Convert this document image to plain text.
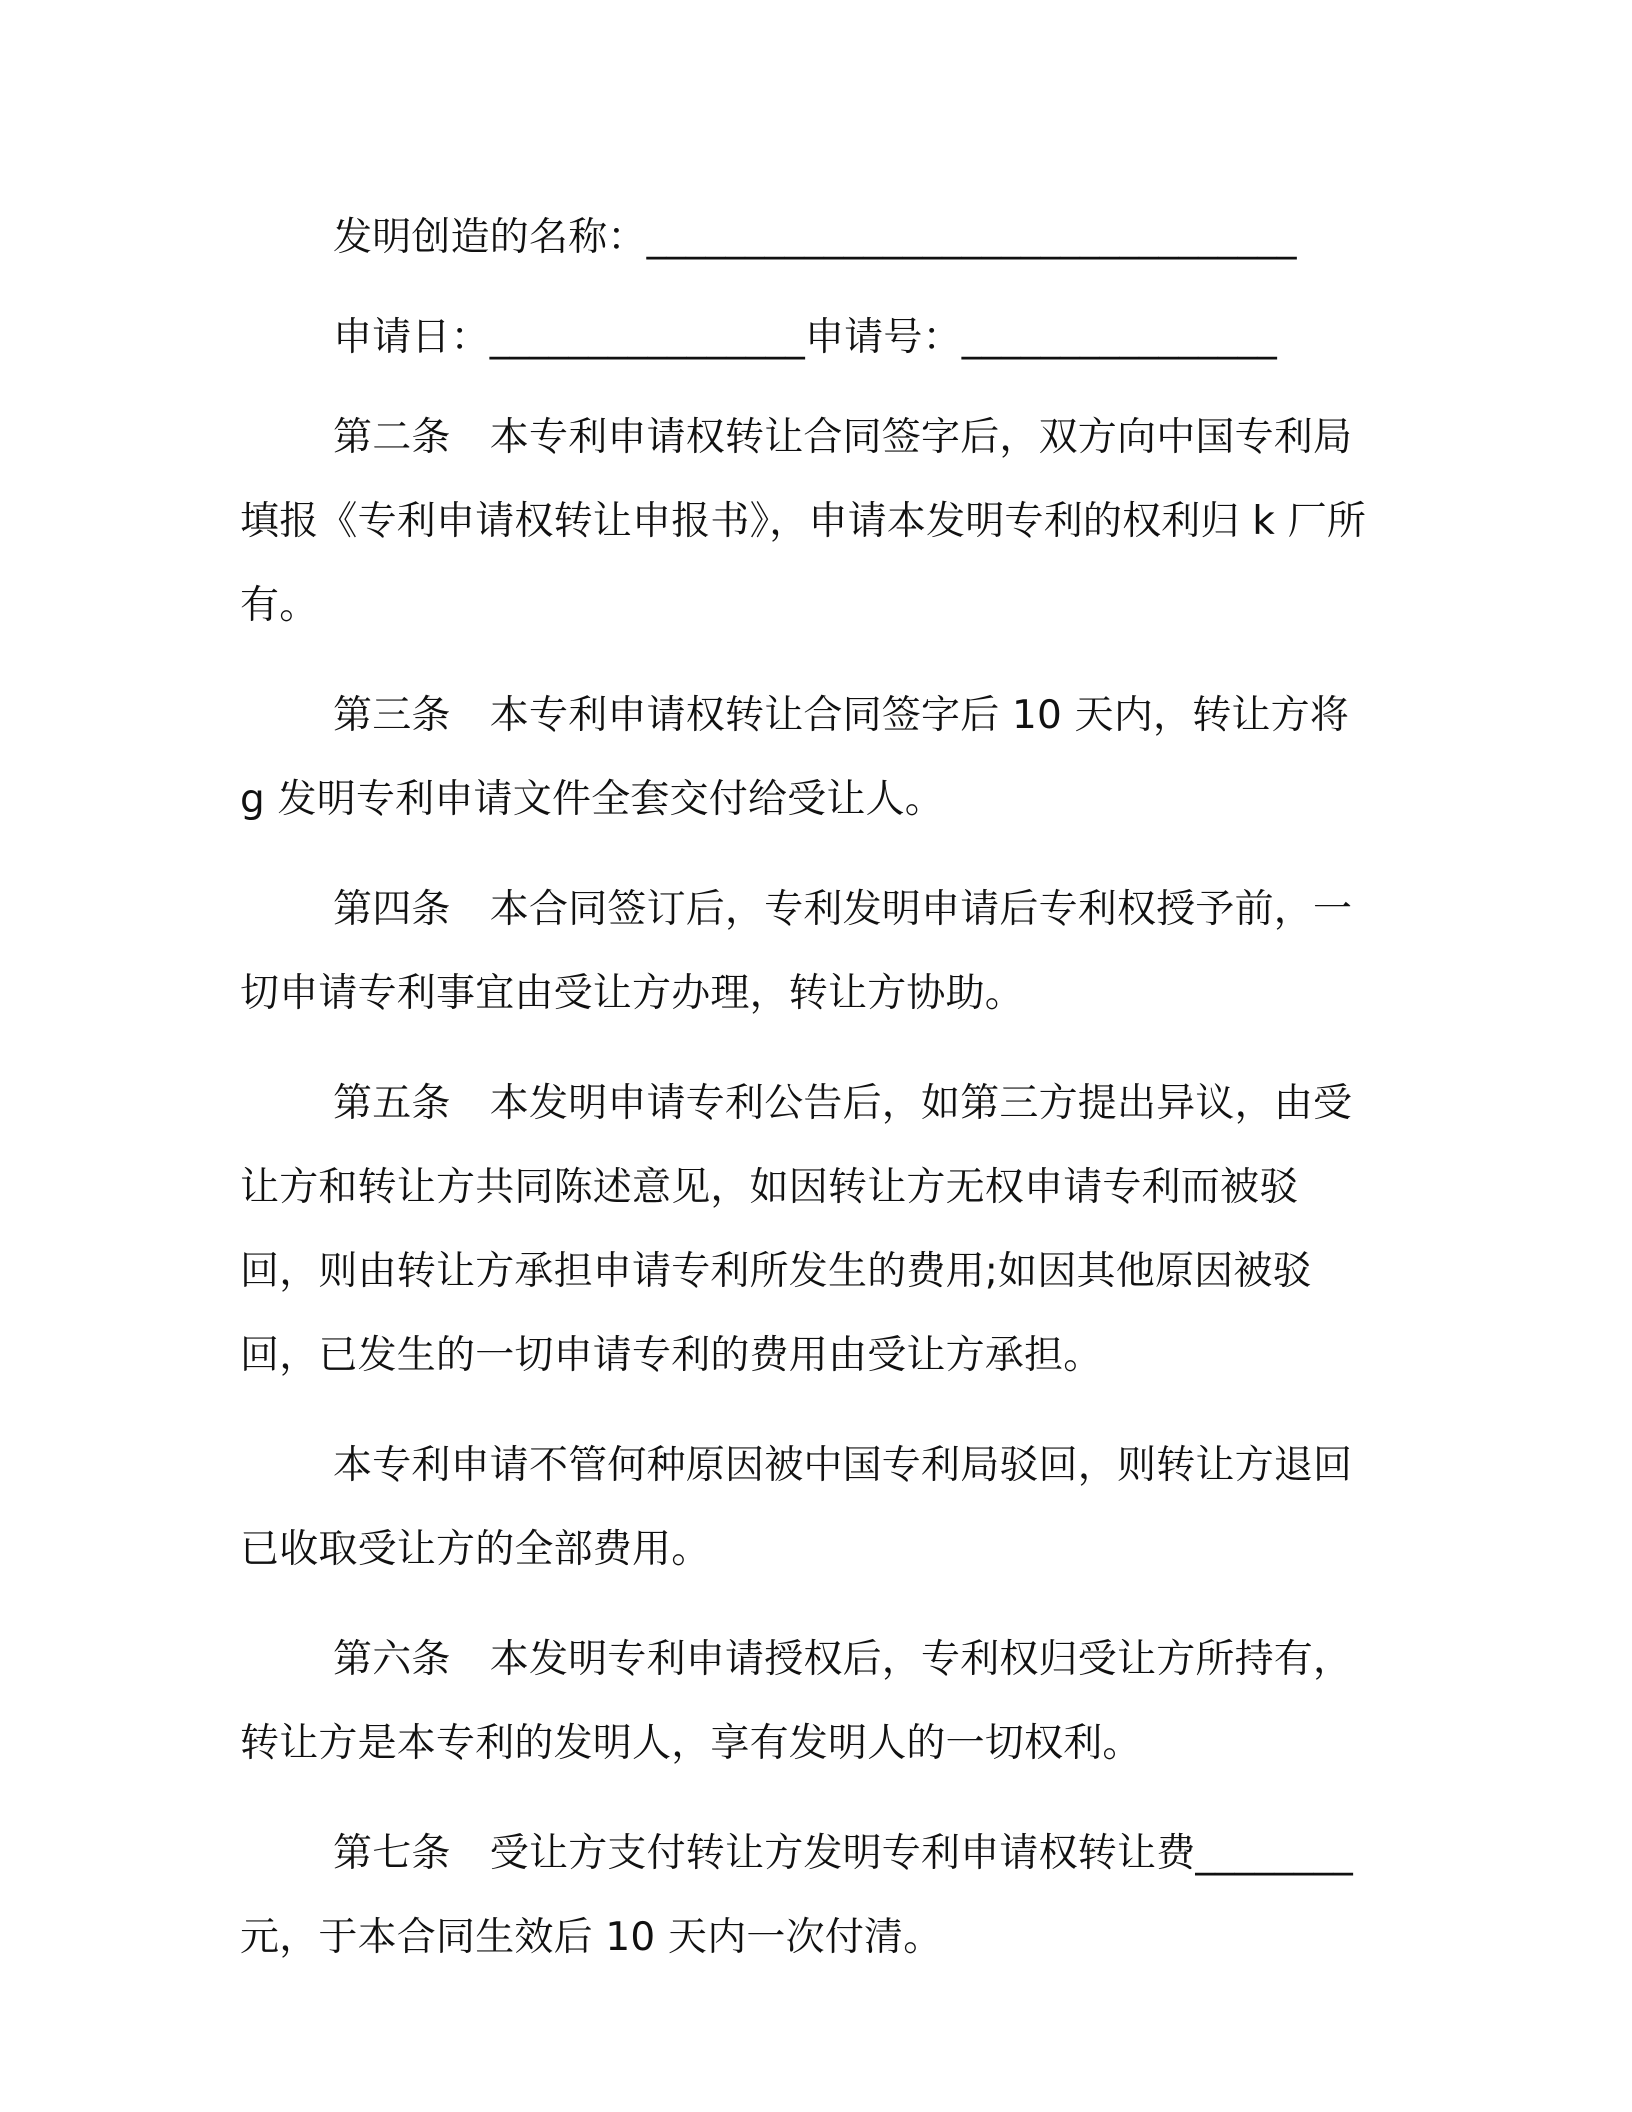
发明创造的名称：_________________________________

申请日：________________申请号：________________

第二条　本专利申请权转让合同签字后，双方向中国专利局填报《专利申请权转让申报书》，申请本发明专利的权利归 k 厂所有。

第三条　本专利申请权转让合同签字后 10 天内，转让方将 g 发明专利申请文件全套交付给受让人。

第四条　本合同签订后，专利发明申请后专利权授予前，一切申请专利事宜由受让方办理，转让方协助。

第五条　本发明申请专利公告后，如第三方提出异议，由受让方和转让方共同陈述意见，如因转让方无权申请专利而被驳回，则由转让方承担申请专利所发生的费用;如因其他原因被驳回，已发生的一切申请专利的费用由受让方承担。

本专利申请不管何种原因被中国专利局驳回，则转让方退回已收取受让方的全部费用。

第六条　本发明专利申请授权后，专利权归受让方所持有，转让方是本专利的发明人，享有发明人的一切权利。

第七条　受让方支付转让方发明专利申请权转让费________元，于本合同生效后 10 天内一次付清。
